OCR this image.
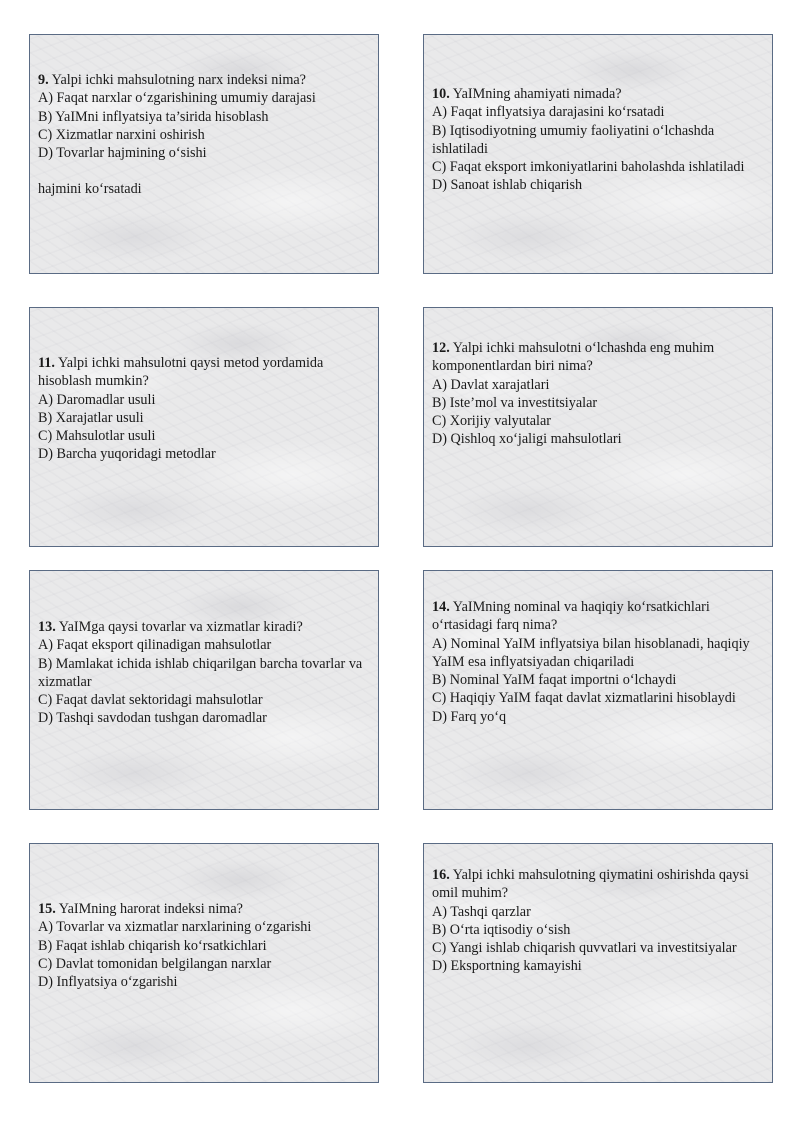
9. Yalpi ichki mahsulotning narx indeksi nima?

A) Faqat narxlar o‘zgarishining umumiy darajasi

B) YaIMni inflyatsiya ta’sirida hisoblash

C) Xizmatlar narxini oshirish

D) Tovarlar hajmining o‘sishi

hajmini ko‘rsatadi

10. YaIMning ahamiyati nimada?

A) Faqat inflyatsiya darajasini ko‘rsatadi

B) Iqtisodiyotning umumiy faoliyatini o‘lchashda ishlatiladi

C) Faqat eksport imkoniyatlarini baholashda ishlatiladi

D) Sanoat ishlab chiqarish

11. Yalpi ichki mahsulotni qaysi metod yordamida hisoblash mumkin?

A) Daromadlar usuli

B) Xarajatlar usuli

C) Mahsulotlar usuli

D) Barcha yuqoridagi metodlar

12. Yalpi ichki mahsulotni o‘lchashda eng muhim komponentlardan biri nima?

A) Davlat xarajatlari

B) Iste’mol va investitsiyalar

C) Xorijiy valyutalar

D) Qishloq xo‘jaligi mahsulotlari

13. YaIMga qaysi tovarlar va xizmatlar kiradi?

A) Faqat eksport qilinadigan mahsulotlar

B) Mamlakat ichida ishlab chiqarilgan barcha tovarlar va xizmatlar

C) Faqat davlat sektoridagi mahsulotlar

D) Tashqi savdodan tushgan daromadlar

14. YaIMning nominal va haqiqiy ko‘rsatkichlari o‘rtasidagi farq nima?

A) Nominal YaIM inflyatsiya bilan hisoblanadi, haqiqiy YaIM esa inflyatsiyadan chiqariladi

B) Nominal YaIM faqat importni o‘lchaydi

C) Haqiqiy YaIM faqat davlat xizmatlarini hisoblaydi

D) Farq yo‘q

15. YaIMning harorat indeksi nima?

A) Tovarlar va xizmatlar narxlarining o‘zgarishi

B) Faqat ishlab chiqarish ko‘rsatkichlari

C) Davlat tomonidan belgilangan narxlar

D) Inflyatsiya o‘zgarishi

16. Yalpi ichki mahsulotning qiymatini oshirishda qaysi omil muhim?

A) Tashqi qarzlar

B) O‘rta iqtisodiy o‘sish

C) Yangi ishlab chiqarish quvvatlari va investitsiyalar

D) Eksportning kamayishi
